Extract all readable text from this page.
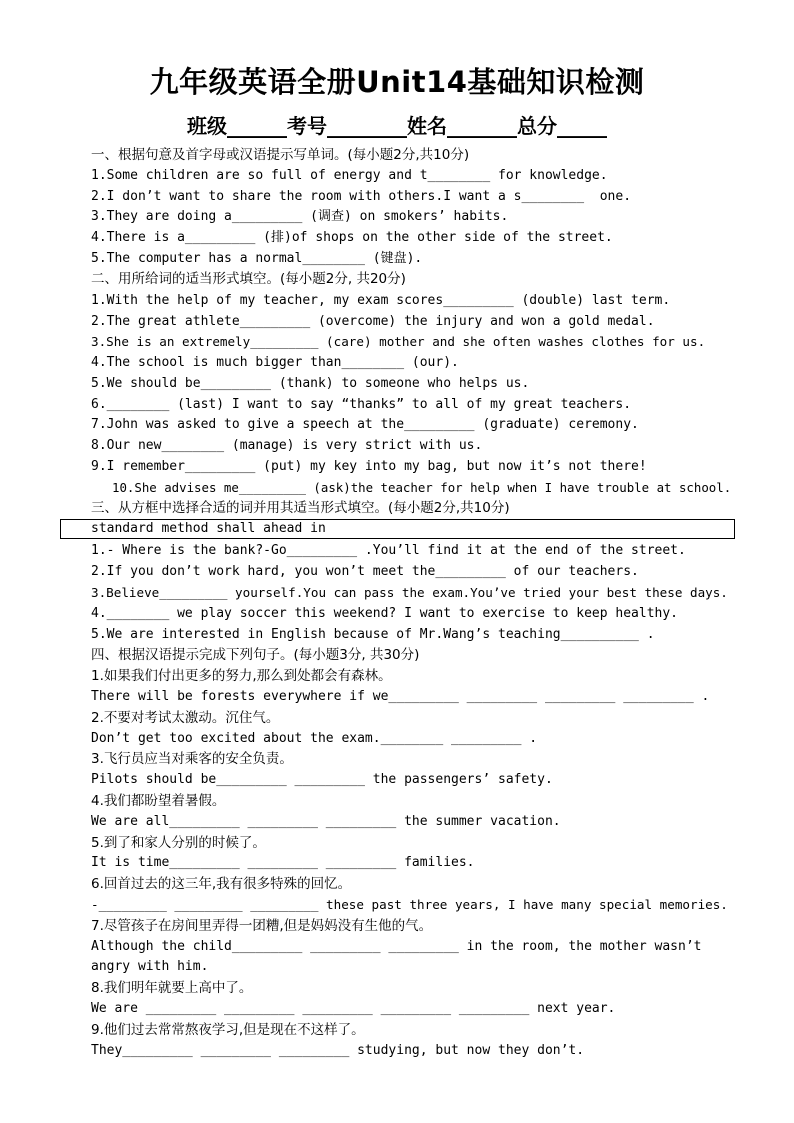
九年级英语全册Unit14基础知识检测
班级______考号________姓名_______总分_____
一、根据句意及首字母或汉语提示写单词。(每小题2分,共10分)
1.Some children are so full of energy and t________ for knowledge.
2.I don’t want to share the room with others.I want a s________  one.
3.They are doing a_________ (调查) on smokers’ habits.
4.There is a_________ (排)of shops on the other side of the street.
5.The computer has a normal________ (键盘).
二、用所给词的适当形式填空。(每小题2分, 共20分)
1.With the help of my teacher, my exam scores_________ (double) last term.
2.The great athlete_________ (overcome) the injury and won a gold medal.
3.She is an extremely_________ (care) mother and she often washes clothes for us.
4.The school is much bigger than________ (our).
5.We should be_________ (thank) to someone who helps us.
6.________ (last) I want to say “thanks” to all of my great teachers.
7.John was asked to give a speech at the_________ (graduate) ceremony.
8.Our new________ (manage) is very strict with us.
9.I remember_________ (put) my key into my bag, but now it’s not there!
10.She advises me_________ (ask)the teacher for help when I have trouble at school.
三、从方框中选择合适的词并用其适当形式填空。(每小题2分,共10分)
standard method shall ahead in
1.- Where is the bank?-Go_________ .You’ll find it at the end of the street.
2.If you don’t work hard, you won’t meet the_________ of our teachers.
3.Believe_________ yourself.You can pass the exam.You’ve tried your best these days.
4.________ we play soccer this weekend? I want to exercise to keep healthy.
5.We are interested in English because of Mr.Wang’s teaching__________ .
四、根据汉语提示完成下列句子。(每小题3分, 共30分)
1.如果我们付出更多的努力,那么到处都会有森林。
There will be forests everywhere if we_________ _________ _________ _________ .
2.不要对考试太激动。沉住气。
Don’t get too excited about the exam.________ _________ .
3.飞行员应当对乘客的安全负责。
Pilots should be_________ _________ the passengers’ safety.
4.我们都盼望着暑假。
We are all_________ _________ _________ the summer vacation.
5.到了和家人分别的时候了。
It is time_________ _________ _________ families.
6.回首过去的这三年,我有很多特殊的回忆。
-_________ _________ _________ these past three years, I have many special memories.
7.尽管孩子在房间里弄得一团糟,但是妈妈没有生他的气。
Although the child_________ _________ _________ in the room, the mother wasn’t
angry with him.
8.我们明年就要上高中了。
We are _________ _________ _________ _________ _________ next year.
9.他们过去常常熬夜学习,但是现在不这样了。
They_________ _________ _________ studying, but now they don’t.
